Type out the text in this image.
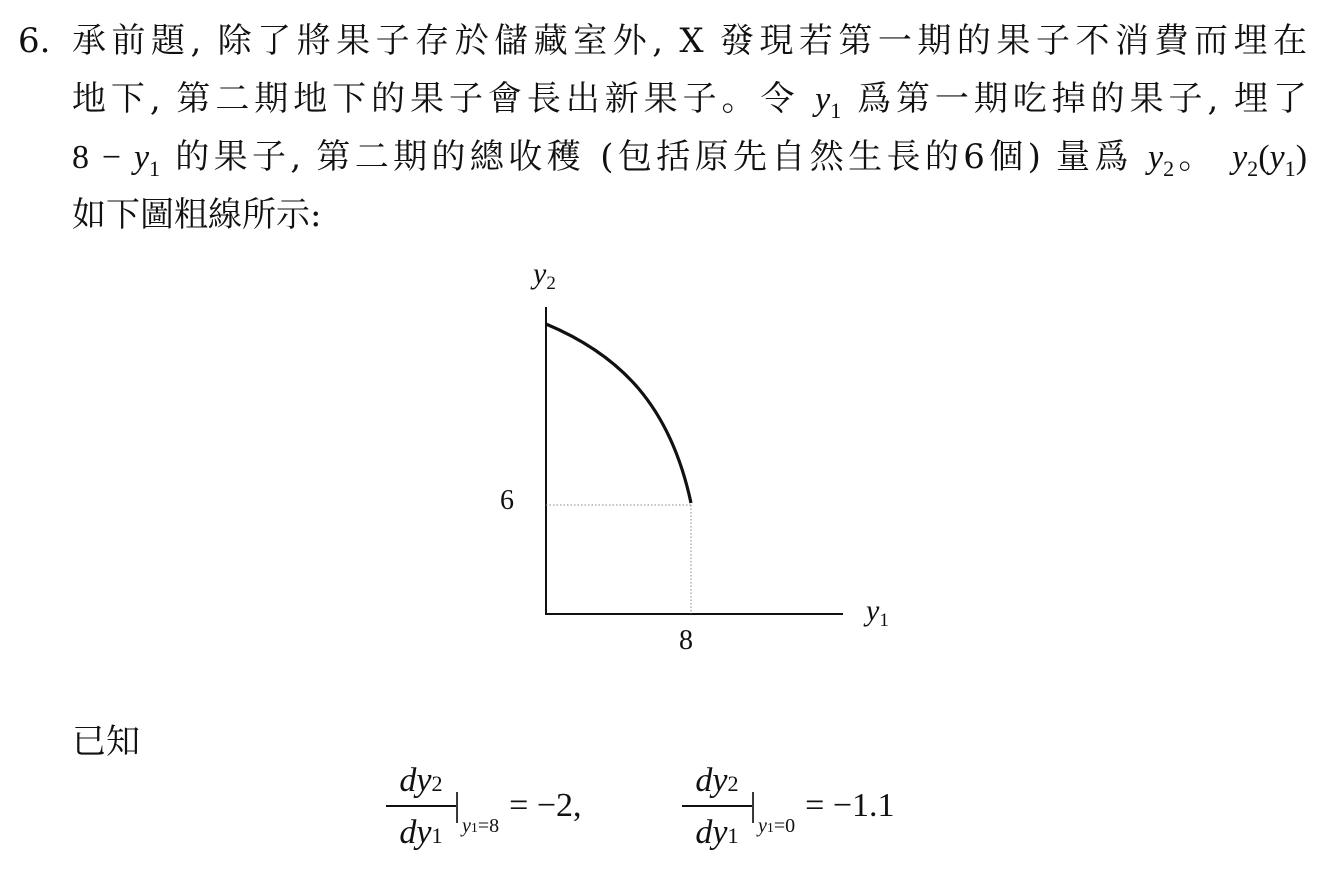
6. 承前題, 除了將果子存於儲藏室外, X 發現若第一期的果子不消費而埋在
地下, 第二期地下的果子會長出新果子。令 $y_1$ 爲第一期吃掉的果子, 埋了
$8 - y_1$ 的果子, 第二期的總收穫 (包括原先自然生長的6個) 量爲 $y_2$。 $y_2(y_1)$
如下圖粗線所示:
$y_2$
6
8
$y_1$
已知
dy2
dy1
$|_{y1=8}= -2$,
dy2
dy1
$|_{y1=0}= -1.1$
